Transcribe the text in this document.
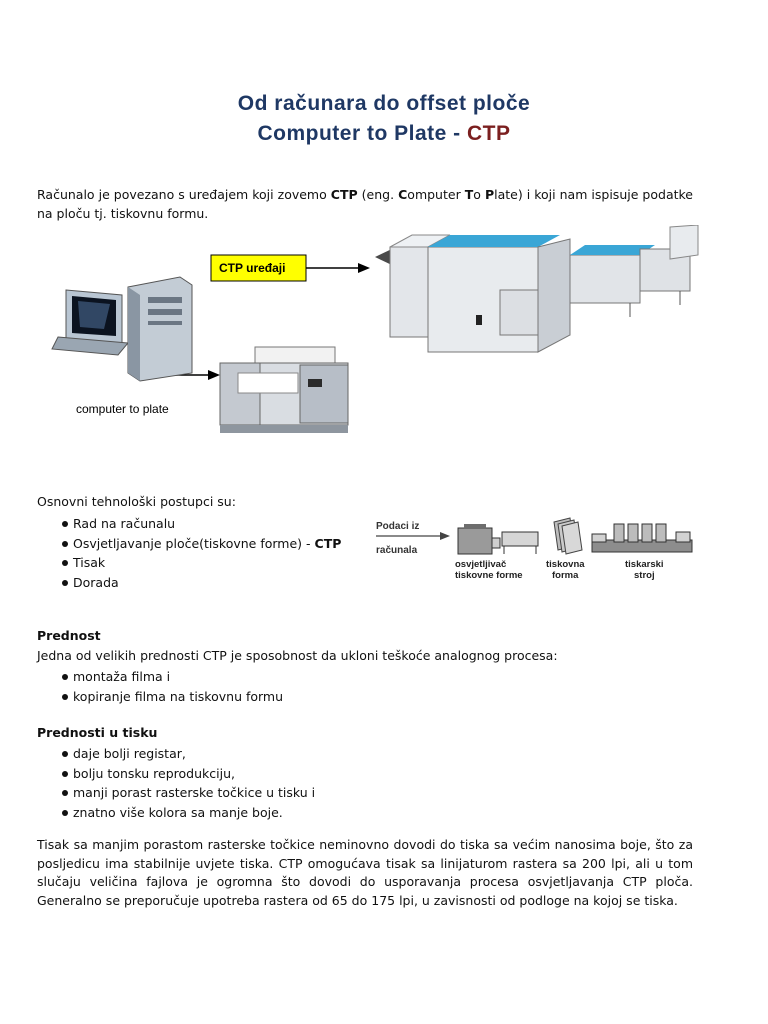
Od računara do offset ploče
Computer to Plate - CTP
Računalo je povezano s uređajem koji zovemo CTP (eng. Computer To Plate) i koji nam ispisuje podatke na ploču tj. tiskovnu formu.
computer to plate
CTP uređaji
Osnovni tehnološki postupci su:
Rad na računalu
Osvjetljavanje ploče(tiskovne forme) - CTP
Tisak
Dorada
Podaci iz
računala
osvjetljivač
tiskovne forme
tiskovna
forma
tiskarski
stroj
Prednost
Jedna od velikih prednosti CTP je sposobnost da ukloni teškoće analognog procesa:
montaža filma i
kopiranje filma na tiskovnu formu
Prednosti u tisku
daje bolji registar,
bolju tonsku reprodukciju,
manji porast rasterske točkice u tisku i
znatno više kolora sa manje boje.
Tisak sa manjim porastom rasterske točkice neminovno dovodi do tiska sa većim nanosima boje, što za posljedicu ima stabilnije uvjete tiska. CTP omogućava tisak sa linijaturom rastera sa 200 lpi, ali u tom slučaju veličina fajlova je ogromna što dovodi do usporavanja procesa osvjetljavanja CTP ploča. Generalno se preporučuje upotreba rastera od 65 do 175 lpi, u zavisnosti od podloge na kojoj se tiska.
